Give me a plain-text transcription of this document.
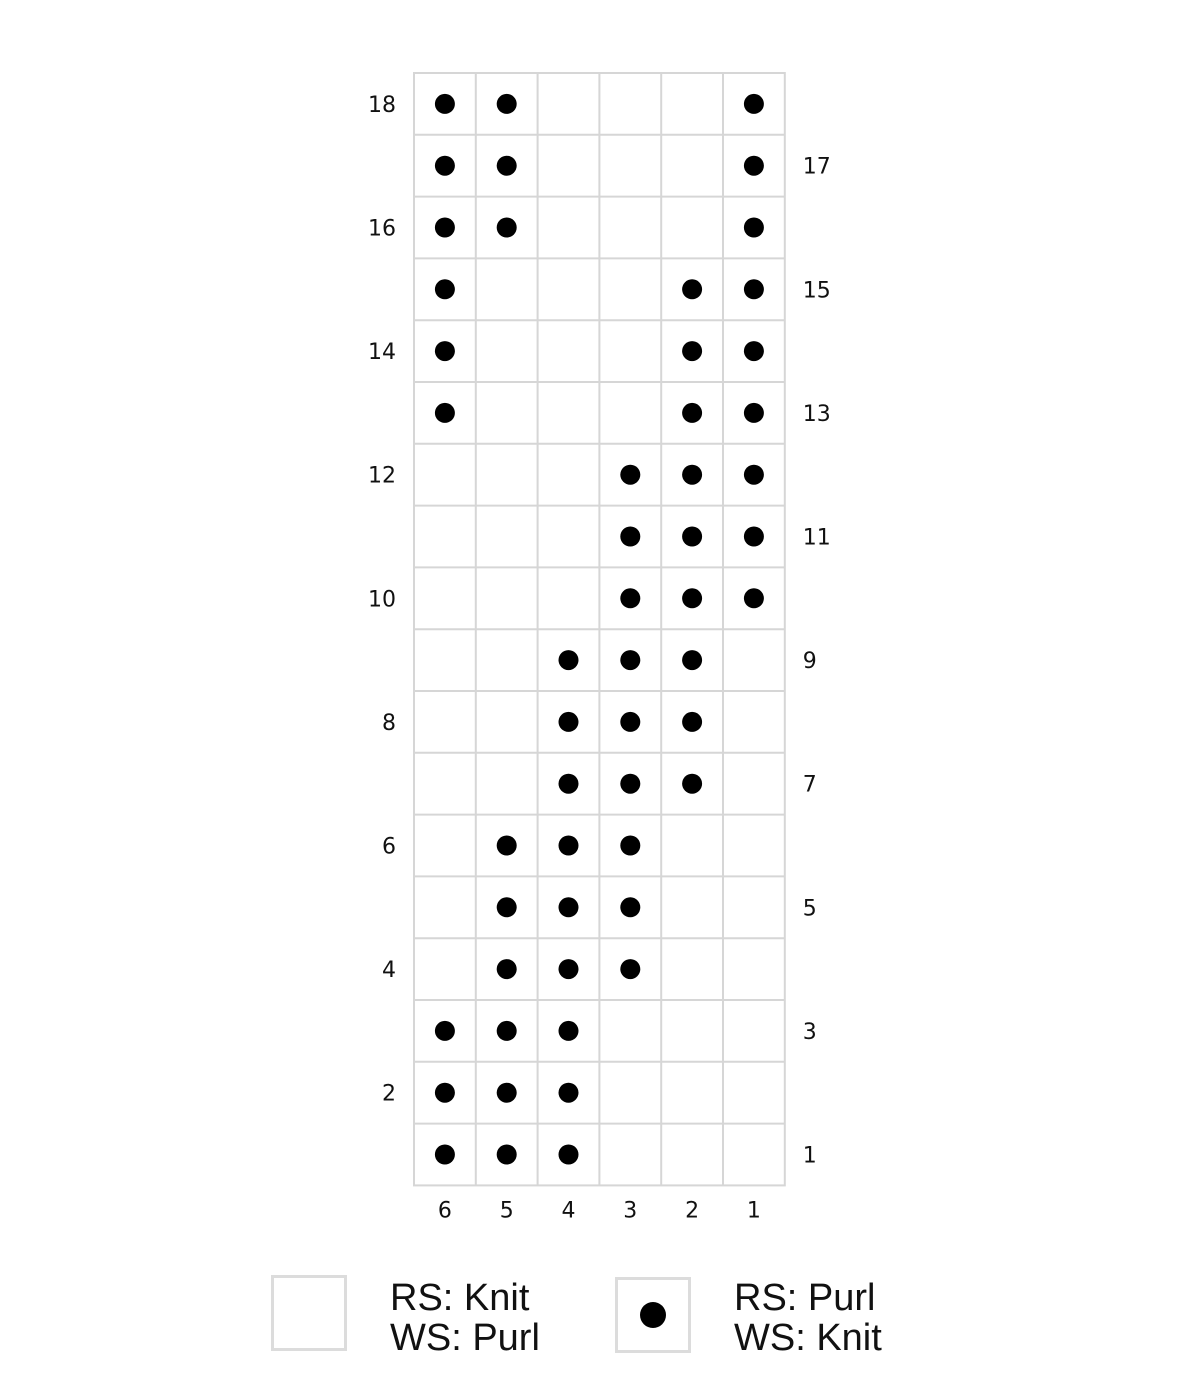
6 5 4 3 2 1
18
16
14
12
10
8
6
4
2
17
15
13
11
9
7
5
3
1
RS: Knit
WS: Purl
RS: Purl
WS: Knit
